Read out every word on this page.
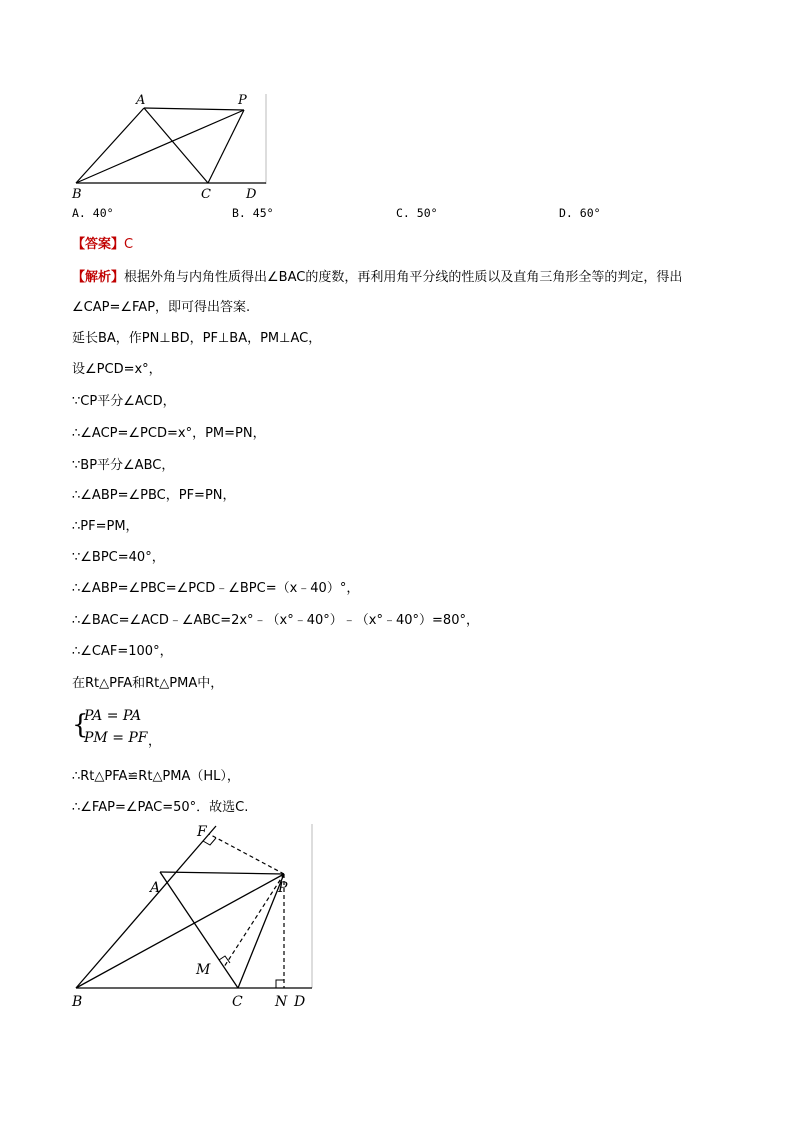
A	P
B	C	D
A. 40°	B. 45°	C. 50°	D. 60°
【答案】C
【解析】根据外角与内角性质得出∠BAC的度数，再利用角平分线的性质以及直角三角形全等的判定，得出
∠CAP=∠FAP，即可得出答案.
延长BA，作PN⊥BD，PF⊥BA，PM⊥AC，
设∠PCD=x°，
∵CP平分∠ACD，
∴∠ACP=∠PCD=x°，PM=PN，
∵BP平分∠ABC，
∴∠ABP=∠PBC，PF=PN，
∴PF=PM，
∵∠BPC=40°，
∴∠ABP=∠PBC=∠PCD﹣∠BPC=（x﹣40）°，
∴∠BAC=∠ACD﹣∠ABC=2x°﹣（x°﹣40°）﹣（x°﹣40°）=80°，
∴∠CAF=100°，
在Rt△PFA和Rt△PMA中，
{
PA = PA
PM = PF ，
∴Rt△PFA≌Rt△PMA（HL），
∴∠FAP=∠PAC=50°．故选C.
F
A	P
M
B	C N D
